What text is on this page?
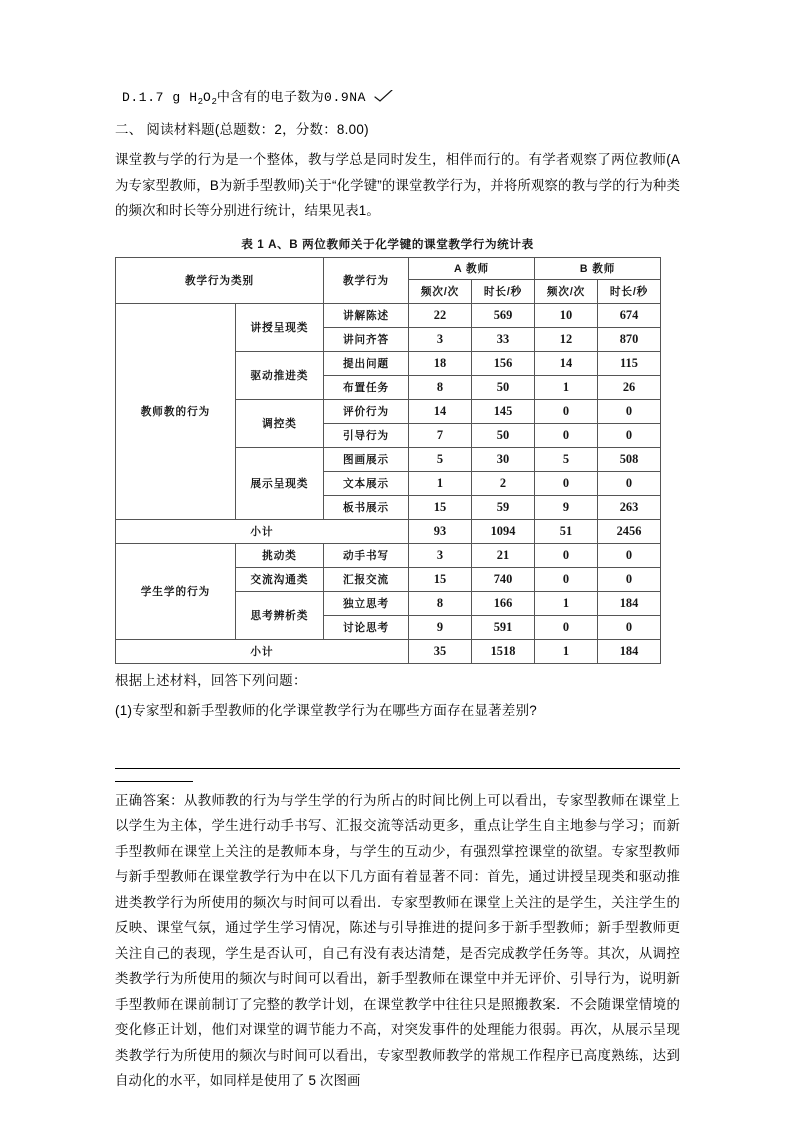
D.1.7 g $H_2O_2$中含有的电子数为0.9NA
二、 阅读材料题(总题数：2，分数：8.00)
课堂教与学的行为是一个整体，教与学总是同时发生，相伴而行的。有学者观察了两位教师(A为专家型教师，B为新手型教师)关于“化学键”的课堂教学行为，并将所观察的教与学的行为种类的频次和时长等分别进行统计，结果见表1。
表 1 A、B 两位教师关于化学键的课堂教学行为统计表
教学行为类别		教学行为	A 教师		B 教师	
			频次/次	时长/秒	频次/次	时长/秒
教师教的行为	讲授呈现类	讲解陈述	22	569	10	674
		讲问齐答	3	33	12	870
	驱动推进类	提出问题	18	156	14	115
		布置任务	8	50	1	26
	调控类	评价行为	14	145	0	0
		引导行为	7	50	0	0
	展示呈现类	图画展示	5	30	5	508
		文本展示	1	2	0	0
		板书展示	15	59	9	263
小计			93	1094	51	2456
学生学的行为	挑动类	动手书写	3	21	0	0
	交流沟通类	汇报交流	15	740	0	0
	思考辨析类	独立思考	8	166	1	184
		讨论思考	9	591	0	0
小计			35	1518	1	184
根据上述材料，回答下列问题：
(1)专家型和新手型教师的化学课堂教学行为在哪些方面存在显著差别?
正确答案：从教师教的行为与学生学的行为所占的时间比例上可以看出，专家型教师在课堂上以学生为主体，学生进行动手书写、汇报交流等活动更多，重点让学生自主地参与学习；而新手型教师在课堂上关注的是教师本身，与学生的互动少，有强烈掌控课堂的欲望。专家型教师与新手型教师在课堂教学行为中在以下几方面有着显著不同：首先，通过讲授呈现类和驱动推进类教学行为所使用的频次与时间可以看出．专家型教师在课堂上关注的是学生，关注学生的反映、课堂气氛，通过学生学习情况，陈述与引导推进的提问多于新手型教师；新手型教师更关注自己的表现，学生是否认可，自己有没有表达清楚，是否完成教学任务等。其次，从调控类教学行为所使用的频次与时间可以看出，新手型教师在课堂中并无评价、引导行为，说明新手型教师在课前制订了完整的教学计划，在课堂教学中往往只是照搬教案．不会随课堂情境的变化修正计划，他们对课堂的调节能力不高，对突发事件的处理能力很弱。再次，从展示呈现类教学行为所使用的频次与时间可以看出，专家型教师教学的常规工作程序已高度熟练，达到自动化的水平，如同样是使用了 5 次图画
